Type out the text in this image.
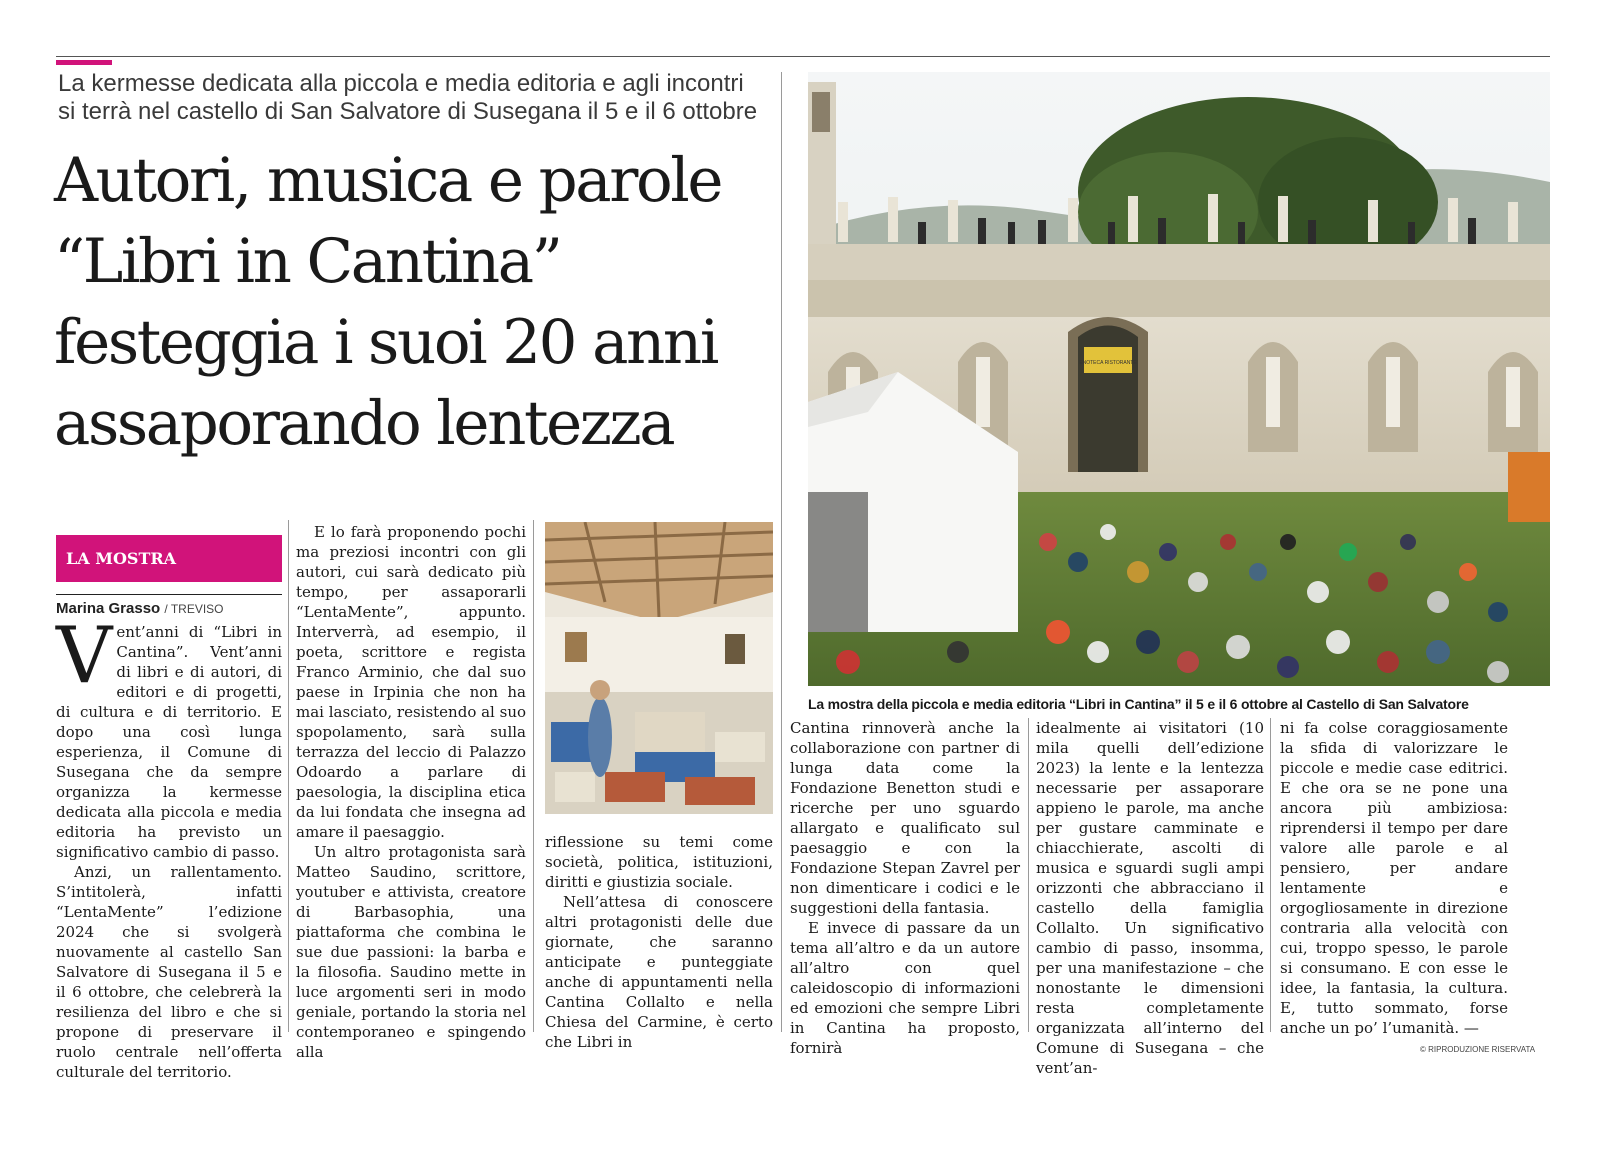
La kermesse dedicata alla piccola e media editoria e agli incontri
si terrà nel castello di San Salvatore di Susegana il 5 e il 6 ottobre
Autori, musica e parole
“Libri in Cantina”
festeggia i suoi 20 anni
assaporando lentezza
ENOTECA RISTORANTE
La mostra della piccola e media editoria “Libri in Cantina” il 5 e il 6 ottobre al Castello di San Salvatore
LA MOSTRA
Marina Grasso / TREVISO

Vent’anni di “Libri in Cantina”. Vent’anni di libri e di autori, di editori e di progetti, di cultura e di territorio. E dopo una così lunga esperienza, il Comune di Susegana che da sempre organizza la kermesse dedicata alla piccola e media editoria ha previsto un significativo cambio di passo.

Anzi, un rallentamento. S’intitolerà, infatti “LentaMente” l’edizione 2024 che si svolgerà nuovamente al castello San Salvatore di Susegana il 5 e il 6 ottobre, che celebrerà la resilienza del libro e che si propone di preservare il ruolo centrale nell’offerta culturale del territorio.

E lo farà proponendo pochi ma preziosi incontri con gli autori, cui sarà dedicato più tempo, per assaporarli “LentaMente”, appunto. Interverrà, ad esempio, il poeta, scrittore e regista Franco Arminio, che dal suo paese in Irpinia che non ha mai lasciato, resistendo al suo spopolamento, sarà sulla terrazza del leccio di Palazzo Odoardo a parlare di paesologia, la disciplina etica da lui fondata che insegna ad amare il paesaggio.

Un altro protagonista sarà Matteo Saudino, scrittore, youtuber e attivista, creatore di Barbasophia, una piattaforma che combina le sue due passioni: la barba e la filosofia. Saudino mette in luce argomenti seri in modo geniale, portando la storia nel contemporaneo e spingendo alla

riflessione su temi come società, politica, istituzioni, diritti e giustizia sociale.

Nell’attesa di conoscere altri protagonisti delle due giornate, che saranno anticipate e punteggiate anche di appuntamenti nella Cantina Collalto e nella Chiesa del Carmine, è certo che Libri in

Cantina rinnoverà anche la collaborazione con partner di lunga data come la Fondazione Benetton studi e ricerche per uno sguardo allargato e qualificato sul paesaggio e con la Fondazione Stepan Zavrel per non dimenticare i codici e le suggestioni della fantasia.

E invece di passare da un tema all’altro e da un autore all’altro con quel caleidoscopio di informazioni ed emozioni che sempre Libri in Cantina ha proposto, fornirà

idealmente ai visitatori (10 mila quelli dell’edizione 2023) la lente e la lentezza necessarie per assaporare appieno le parole, ma anche per gustare camminate e chiacchierate, ascolti di musica e sguardi sugli ampi orizzonti che abbracciano il castello della famiglia Collalto. Un significativo cambio di passo, insomma, per una manifestazione – che nonostante le dimensioni resta completamente organizzata all’interno del Comune di Susegana – che vent’an-

ni fa colse coraggiosamente la sfida di valorizzare le piccole e medie case editrici. E che ora se ne pone una ancora più ambiziosa: riprendersi il tempo per dare valore alle parole e al pensiero, per andare lentamente e orgogliosamente in direzione contraria alla velocità con cui, troppo spesso, le parole si consumano. E con esse le idee, la fantasia, la cultura. E, tutto sommato, forse anche un po’ l’umanità. —

© RIPRODUZIONE RISERVATA
